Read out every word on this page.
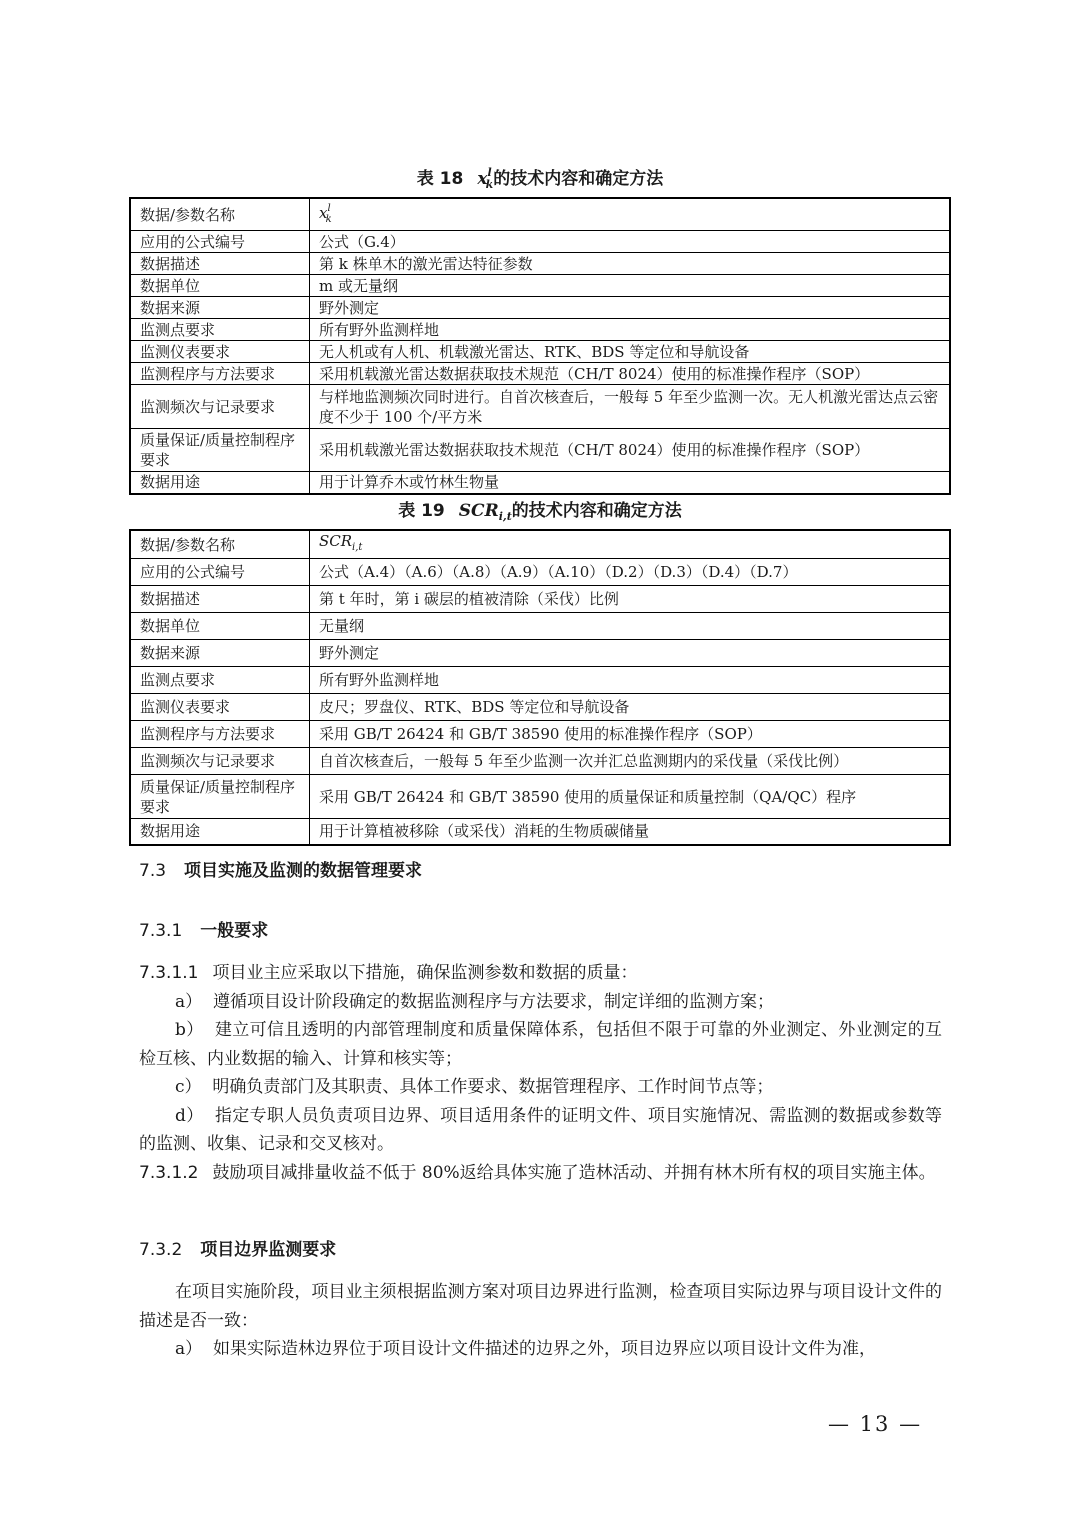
表 18 $x^l_k$的技术内容和确定方法
数据/参数名称	$x^l_k$
应用的公式编号	公式（G.4）
数据描述	第 k 株单木的激光雷达特征参数
数据单位	m 或无量纲
数据来源	野外测定
监测点要求	所有野外监测样地
监测仪表要求	无人机或有人机、机载激光雷达、RTK、BDS 等定位和导航设备
监测程序与方法要求	采用机载激光雷达数据获取技术规范（CH/T 8024）使用的标准操作程序（SOP）
监测频次与记录要求	与样地监测频次同时进行。自首次核查后，一般每 5 年至少监测一次。无人机激光雷达点云密度不少于 100 个/平方米
质量保证/质量控制程序要求	采用机载激光雷达数据获取技术规范（CH/T 8024）使用的标准操作程序（SOP）
数据用途	用于计算乔木或竹林生物量
表 19 $SCR_{i,t}$的技术内容和确定方法
数据/参数名称	$SCR_{i,t}$
应用的公式编号	公式（A.4）（A.6）（A.8）（A.9）（A.10）（D.2）（D.3）（D.4）（D.7）
数据描述	第 t 年时，第 i 碳层的植被清除（采伐）比例
数据单位	无量纲
数据来源	野外测定
监测点要求	所有野外监测样地
监测仪表要求	皮尺；罗盘仪、RTK、BDS 等定位和导航设备
监测程序与方法要求	采用 GB/T 26424 和 GB/T 38590 使用的标准操作程序（SOP）
监测频次与记录要求	自首次核查后，一般每 5 年至少监测一次并汇总监测期内的采伐量（采伐比例）
质量保证/质量控制程序要求	采用 GB/T 26424 和 GB/T 38590 使用的质量保证和质量控制（QA/QC）程序
数据用途	用于计算植被移除（或采伐）消耗的生物质碳储量
7.3 项目实施及监测的数据管理要求
7.3.1 一般要求
7.3.1.1 项目业主应采取以下措施，确保监测参数和数据的质量：
a） 遵循项目设计阶段确定的数据监测程序与方法要求，制定详细的监测方案；
b） 建立可信且透明的内部管理制度和质量保障体系，包括但不限于可靠的外业测定、外业测定的互检互核、内业数据的输入、计算和核实等；
c） 明确负责部门及其职责、具体工作要求、数据管理程序、工作时间节点等；
d） 指定专职人员负责项目边界、项目适用条件的证明文件、项目实施情况、需监测的数据或参数等的监测、收集、记录和交叉核对。
7.3.1.2 鼓励项目减排量收益不低于 80%返给具体实施了造林活动、并拥有林木所有权的项目实施主体。
7.3.2 项目边界监测要求
在项目实施阶段，项目业主须根据监测方案对项目边界进行监测，检查项目实际边界与项目设计文件的描述是否一致：
a） 如果实际造林边界位于项目设计文件描述的边界之外，项目边界应以项目设计文件为准，
— 13 —
